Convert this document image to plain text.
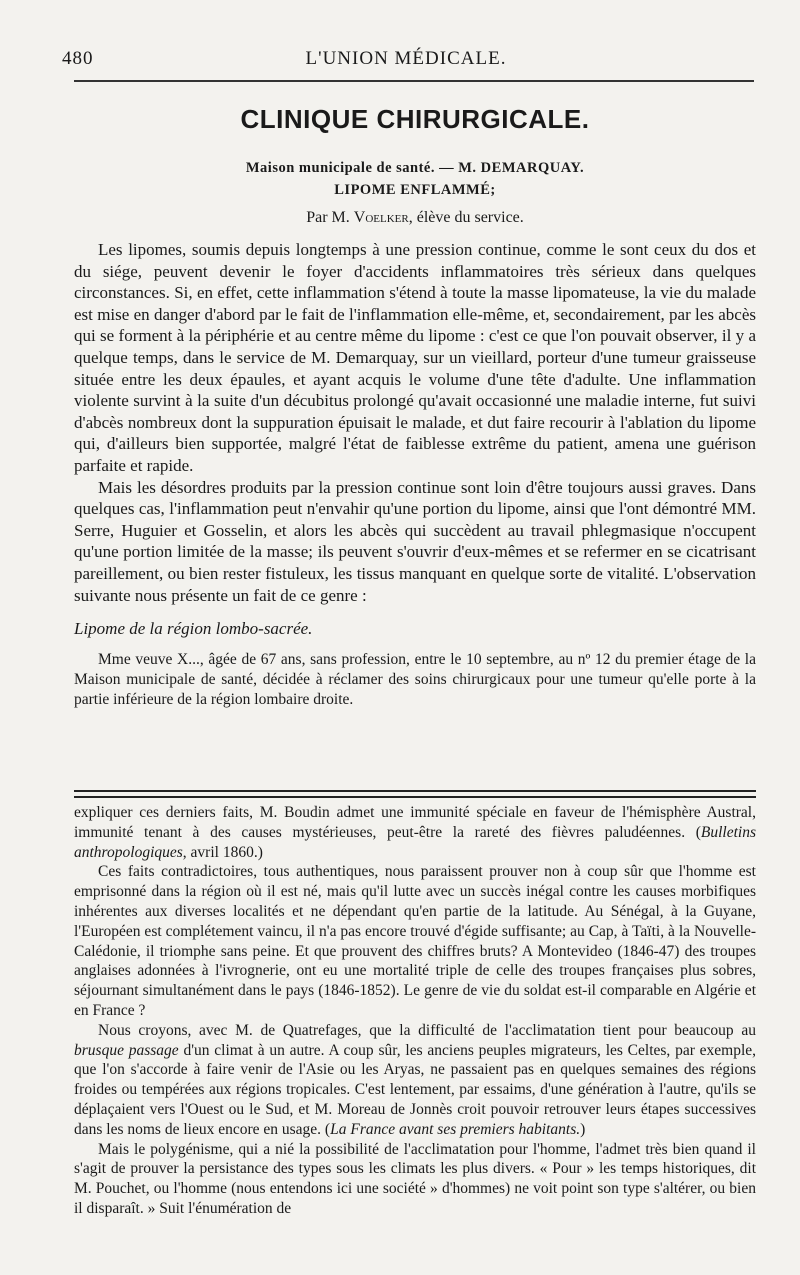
480	L'UNION MÉDICALE.
CLINIQUE CHIRURGICALE.
Maison municipale de santé. — M. DEMARQUAY.
LIPOME ENFLAMMÉ;
Par M. Voelker, élève du service.

Les lipomes, soumis depuis longtemps à une pression continue, comme le sont ceux du dos et du siége, peuvent devenir le foyer d'accidents inflammatoires très sérieux dans quelques circonstances. Si, en effet, cette inflammation s'étend à toute la masse lipomateuse, la vie du malade est mise en danger d'abord par le fait de l'inflammation elle-même, et, secondairement, par les abcès qui se forment à la périphérie et au centre même du lipome : c'est ce que l'on pouvait observer, il y a quelque temps, dans le service de M. Demarquay, sur un vieillard, porteur d'une tumeur graisseuse située entre les deux épaules, et ayant acquis le volume d'une tête d'adulte. Une inflammation violente survint à la suite d'un décubitus prolongé qu'avait occasionné une maladie interne, fut suivi d'abcès nombreux dont la suppuration épuisait le malade, et dut faire recourir à l'ablation du lipome qui, d'ailleurs bien supportée, malgré l'état de faiblesse extrême du patient, amena une guérison parfaite et rapide.

Mais les désordres produits par la pression continue sont loin d'être toujours aussi graves. Dans quelques cas, l'inflammation peut n'envahir qu'une portion du lipome, ainsi que l'ont démontré MM. Serre, Huguier et Gosselin, et alors les abcès qui succèdent au travail phlegmasique n'occupent qu'une portion limitée de la masse; ils peuvent s'ouvrir d'eux-mêmes et se refermer en se cicatrisant pareillement, ou bien rester fistuleux, les tissus manquant en quelque sorte de vitalité. L'observation suivante nous présente un fait de ce genre :

Lipome de la région lombo-sacrée.

Mme veuve X..., âgée de 67 ans, sans profession, entre le 10 septembre, au nº 12 du premier étage de la Maison municipale de santé, décidée à réclamer des soins chirurgicaux pour une tumeur qu'elle porte à la partie inférieure de la région lombaire droite.

expliquer ces derniers faits, M. Boudin admet une immunité spéciale en faveur de l'hémisphère Austral, immunité tenant à des causes mystérieuses, peut-être la rareté des fièvres paludéennes. (Bulletins anthropologiques, avril 1860.)

Ces faits contradictoires, tous authentiques, nous paraissent prouver non à coup sûr que l'homme est emprisonné dans la région où il est né, mais qu'il lutte avec un succès inégal contre les causes morbifiques inhérentes aux diverses localités et ne dépendant qu'en partie de la latitude. Au Sénégal, à la Guyane, l'Européen est complétement vaincu, il n'a pas encore trouvé d'égide suffisante; au Cap, à Taïti, à la Nouvelle-Calédonie, il triomphe sans peine. Et que prouvent des chiffres bruts? A Montevideo (1846-47) des troupes anglaises adonnées à l'ivrognerie, ont eu une mortalité triple de celle des troupes françaises plus sobres, séjournant simultanément dans le pays (1846-1852). Le genre de vie du soldat est-il comparable en Algérie et en France ?

Nous croyons, avec M. de Quatrefages, que la difficulté de l'acclimatation tient pour beaucoup au brusque passage d'un climat à un autre. A coup sûr, les anciens peuples migrateurs, les Celtes, par exemple, que l'on s'accorde à faire venir de l'Asie ou les Aryas, ne passaient pas en quelques semaines des régions froides ou tempérées aux régions tropicales. C'est lentement, par essaims, d'une génération à l'autre, qu'ils se déplaçaient vers l'Ouest ou le Sud, et M. Moreau de Jonnès croit pouvoir retrouver leurs étapes successives dans les noms de lieux encore en usage. (La France avant ses premiers habitants.)

Mais le polygénisme, qui a nié la possibilité de l'acclimatation pour l'homme, l'admet très bien quand il s'agit de prouver la persistance des types sous les climats les plus divers. « Pour » les temps historiques, dit M. Pouchet, ou l'homme (nous entendons ici une société » d'hommes) ne voit point son type s'altérer, ou bien il disparaît. » Suit l'énumération de
